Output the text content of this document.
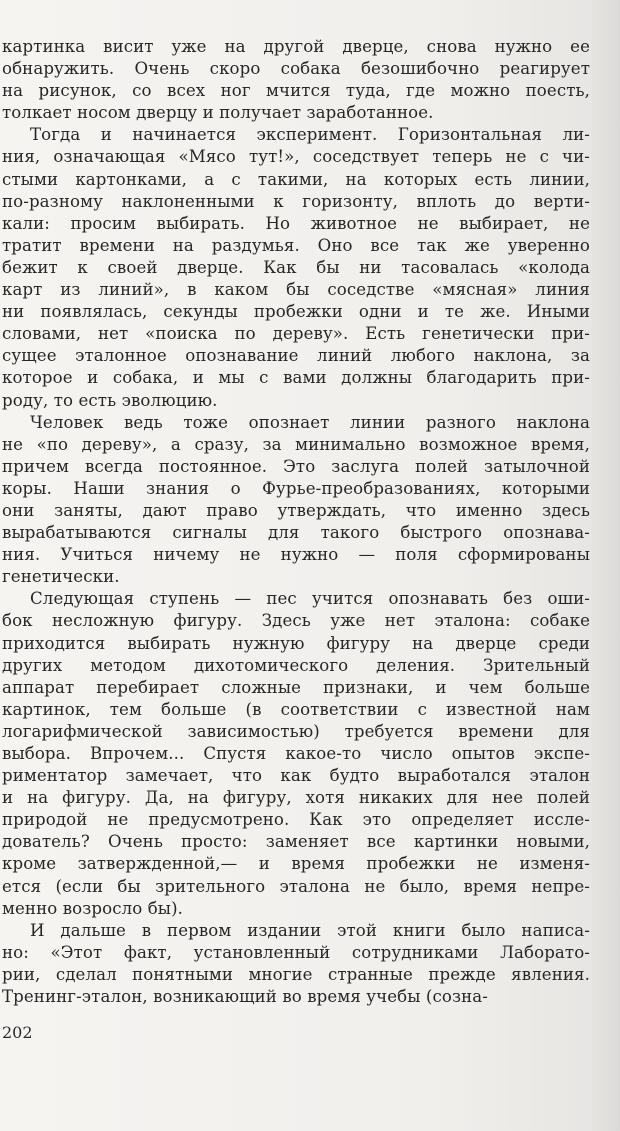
картинка висит уже на другой дверце, снова нужно ее
обнаружить. Очень скоро собака безошибочно реагирует
на рисунок, со всех ног мчится туда, где можно поесть,
толкает носом дверцу и получает заработанное.
Тогда и начинается эксперимент. Горизонтальная ли-
ния, означающая «Мясо тут!», соседствует теперь не с чи-
стыми картонками, а с такими, на которых есть линии,
по-разному наклоненными к горизонту, вплоть до верти-
кали: просим выбирать. Но животное не выбирает, не
тратит времени на раздумья. Оно все так же уверенно
бежит к своей дверце. Как бы ни тасовалась «колода
карт из линий», в каком бы соседстве «мясная» линия
ни появлялась, секунды пробежки одни и те же. Иными
словами, нет «поиска по дереву». Есть генетически при-
сущее эталонное опознавание линий любого наклона, за
которое и собака, и мы с вами должны благодарить при-
роду, то есть эволюцию.
Человек ведь тоже опознает линии разного наклона
не «по дереву», а сразу, за минимально возможное время,
причем всегда постоянное. Это заслуга полей затылочной
коры. Наши знания о Фурье-преобразованиях, которыми
они заняты, дают право утверждать, что именно здесь
вырабатываются сигналы для такого быстрого опознава-
ния. Учиться ничему не нужно — поля сформированы
генетически.
Следующая ступень — пес учится опознавать без оши-
бок несложную фигуру. Здесь уже нет эталона: собаке
приходится выбирать нужную фигуру на дверце среди
других методом дихотомического деления. Зрительный
аппарат перебирает сложные признаки, и чем больше
картинок, тем больше (в соответствии с известной нам
логарифмической зависимостью) требуется времени для
выбора. Впрочем... Спустя какое-то число опытов экспе-
риментатор замечает, что как будто выработался эталон
и на фигуру. Да, на фигуру, хотя никаких для нее полей
природой не предусмотрено. Как это определяет иссле-
дователь? Очень просто: заменяет все картинки новыми,
кроме затвержденной,— и время пробежки не изменя-
ется (если бы зрительного эталона не было, время непре-
менно возросло бы).
И дальше в первом издании этой книги было написа-
но: «Этот факт, установленный сотрудниками Лаборато-
рии, сделал понятными многие странные прежде явления.
Тренинг-эталон, возникающий во время учебы (созна-
202
